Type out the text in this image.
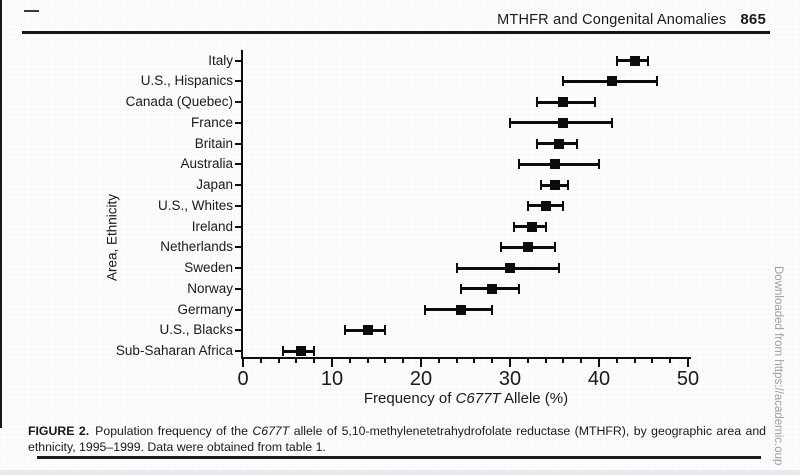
MTHFR and Congenital Anomalies 865
Area, Ethnicity
Frequency of C677T Allele (%)
Italy
U.S., Hispanics
Canada (Quebec)
France
Britain
Australia
Japan
U.S., Whites
Ireland
Netherlands
Sweden
Norway
Germany
U.S., Blacks
Sub-Saharan Africa
0	10	20	30	40	50
FIGURE 2. Population frequency of the C677T allele of 5,10-methylenetetrahydrofolate reductase (MTHFR), by geographic area and ethnicity, 1995–1999. Data were obtained from table 1.	Downloaded from https://academic.oup
